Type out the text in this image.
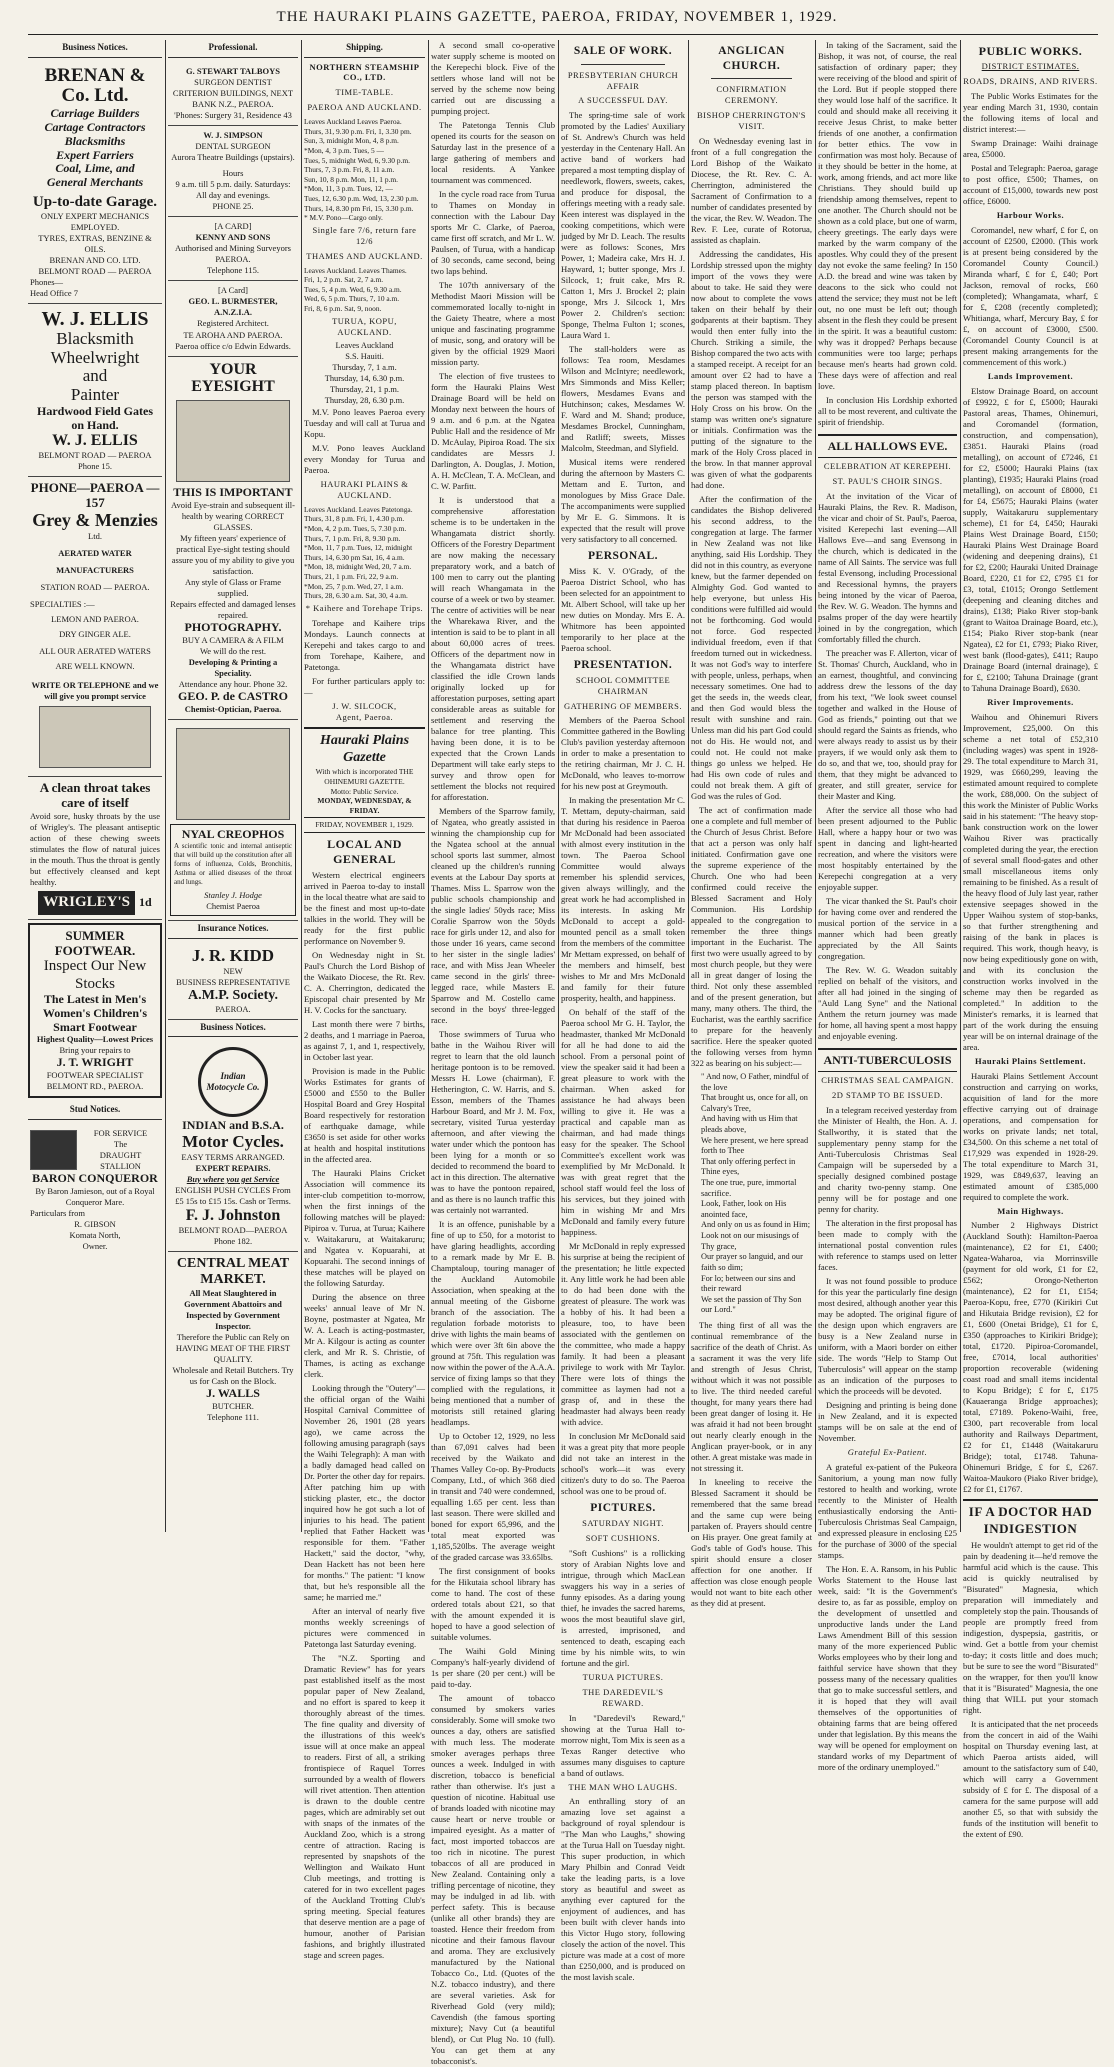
THE HAURAKI PLAINS GAZETTE, PAEROA, FRIDAY, NOVEMBER 1, 1929.
Business Notices.
BRENAN & Co. Ltd.
Carriage Builders
Cartage Contractors
Blacksmiths
Expert Farriers
Coal, Lime, and
General Merchants
Up-to-date Garage.
ONLY EXPERT MECHANICS EMPLOYED.
TYRES, EXTRAS, BENZINE & OILS.
BRENAN AND CO. LTD. BELMONT ROAD — PAEROA
Phones—
Head Office 7
W. J. ELLIS
Blacksmith
Wheelwright
and
Painter
Hardwood Field Gates on Hand.
W. J. ELLIS
BELMONT ROAD — PAEROA
Phone 15.
PHONE—PAEROA — 157
Grey & Menzies
Ltd.
AERATED WATER
MANUFACTURERS
STATION ROAD — PAEROA.
SPECIALTIES :—
LEMON AND PAEROA.
DRY GINGER ALE.
ALL OUR AERATED WATERS
ARE WELL KNOWN.
WRITE OR TELEPHONE and we will give you prompt service
A clean throat takes care of itself
Avoid sore, husky throats by the use of Wrigley's. The pleasant antiseptic action of these chewing sweets stimulates the flow of natural juices in the mouth. Thus the throat is gently but effectively cleansed and kept healthy.
WRIGLEY'S 1d
SUMMER FOOTWEAR.
Inspect Our New Stocks
The Latest in Men's Women's Children's Smart Footwear
Highest Quality—Lowest Prices
Bring your repairs to
J. T. WRIGHT
FOOTWEAR SPECIALIST
BELMONT RD., PAEROA.
Stud Notices.
FOR SERVICE
The
DRAUGHT
STALLION
BARON CONQUEROR
By Baron Jamieson, out of a Royal Conqueror Mare.
Particulars from
R. GIBSON
Komata North,
Owner.
Professional.
G. STEWART TALBOYS
SURGEON DENTIST
CRITERION BUILDINGS, NEXT BANK N.Z., PAEROA.
'Phones: Surgery 31, Residence 43
W. J. SIMPSON
DENTAL SURGEON
Aurora Theatre Buildings (upstairs).
Hours
9 a.m. till 5 p.m. daily. Saturdays: All day and evenings.
PHONE 25.
[A CARD]
KENNY AND SONS
Authorised and Mining Surveyors PAEROA.
Telephone 115.
[A Card]
GEO. L. BURMESTER, A.N.Z.I.A.
Registered Architect.
TE AROHA AND PAEROA.
Paeroa office c/o Edwin Edwards.
YOUR EYESIGHT
THIS IS IMPORTANT
Avoid Eye-strain and subsequent ill-health by wearing CORRECT GLASSES.
My fifteen years' experience of practical Eye-sight testing should assure you of my ability to give you satisfaction.
Any style of Glass or Frame supplied.
Repairs effected and damaged lenses repaired.
PHOTOGRAPHY.
BUY A CAMERA & A FILM
We will do the rest.
Developing & Printing a Speciality.
Attendance any hour. Phone 32.
GEO. P. de CASTRO
Chemist-Optician, Paeroa.
NYAL CREOPHOS
A scientific tonic and internal antiseptic that will build up the constitution after all forms of influenza, Colds, Bronchitis, Asthma or allied diseases of the throat and lungs.
Stanley J. Hodge
Chemist Paeroa
Insurance Notices.
J. R. KIDD
NEW
BUSINESS REPRESENTATIVE
A.M.P. Society.
PAEROA.
Business Notices.
Indian Motocycle Co.
INDIAN and B.S.A.
Motor Cycles.
EASY TERMS ARRANGED.
EXPERT REPAIRS.
Buy where you get Service
ENGLISH PUSH CYCLES From £5 15s to £15 15s. Cash or Terms.
F. J. Johnston
BELMONT ROAD—PAEROA
Phone 182.
CENTRAL MEAT MARKET.
All Meat Slaughtered in Government Abattoirs and Inspected by Government Inspector.
Therefore the Public can Rely on HAVING MEAT OF THE FIRST QUALITY.
Wholesale and Retail Butchers. Try us for Cash on the Block.
J. WALLS
BUTCHER.
Telephone 111.
Shipping.
NORTHERN STEAMSHIP CO., LTD.
TIME-TABLE.
PAEROA AND AUCKLAND.
Leaves Auckland Leaves Paeroa.
Thurs, 31, 9.30 p.m. Fri, 1, 3.30 pm.
Sun, 3, midnight Mon, 4, 8 p.m.
*Mon, 4, 3 p.m. Tues, 5 —
Tues, 5, midnight Wed, 6, 9.30 p.m.
Thurs, 7, 3 p.m. Fri, 8, 11 a.m.
Sun, 10, 8 p.m. Mon, 11, 1 p.m.
*Mon, 11, 3 p.m. Tues, 12, —
Tues, 12, 6.30 p.m. Wed, 13, 2.30 p.m.
Thurs, 14, 8.30 pm Fri, 15, 3.30 p.m.
* M.V. Pono—Cargo only.
Single fare 7/6, return fare 12/6
THAMES AND AUCKLAND.
Leaves Auckland. Leaves Thames.
Fri, 1, 2 p.m. Sat, 2, 7 a.m.
Tues, 5, 4 p.m. Wed, 6, 9.30 a.m.
Wed, 6, 5 p.m. Thurs, 7, 10 a.m.
Fri, 8, 6 p.m. Sat, 9, noon.
TURUA, KOPU, AUCKLAND.
Leaves Auckland
S.S. Hauiti.
Thursday, 7, 1 a.m.
Thursday, 14, 6.30 p.m.
Thursday, 21, 1 p.m.
Thursday, 28, 6.30 p.m.

M.V. Pono leaves Paeroa every Tuesday and will call at Turua and Kopu.

M.V. Pono leaves Auckland every Monday for Turua and Paeroa.

HAURAKI PLAINS & AUCKLAND.
Leaves Auckland. Leaves Patetonga.
Thurs, 31, 8 p.m. Fri, 1, 4.30 p.m.
*Mon, 4, 2 p.m. Tues, 5, 7.30 p.m.
Thurs, 7, 1 p.m. Fri, 8, 9.30 p.m.
*Mon, 11, 7 p.m. Tues, 12, midnight
Thurs, 14, 6.30 pm Sat, 16, 4 a.m.
*Mon, 18, midnight Wed, 20, 7 a.m.
Thurs, 21, 1 p.m. Fri, 22, 9 a.m.
*Mon, 25, 7 p.m. Wed, 27, 1 a.m.
Thurs, 28, 6.30 a.m. Sat, 30, 4 a.m.
* Kaihere and Torehape Trips.

Torehape and Kaihere trips Mondays. Launch connects at Kerepehi and takes cargo to and from Torehape, Kaihere, and Patetonga.

For further particulars apply to:—

J. W. SILCOCK,
Agent, Paeroa.
Hauraki Plains Gazette
With which is incorporated THE OHINEMURI GAZETTE.
Motto: Public Service.
MONDAY, WEDNESDAY, & FRIDAY.
FRIDAY, NOVEMBER 1, 1929.
LOCAL AND GENERAL

Western electrical engineers arrived in Paeroa to-day to install in the local theatre what are said to be the finest and most up-to-date talkies in the world. They will be ready for the first public performance on November 9.

On Wednesday night in St. Paul's Church the Lord Bishop of the Waikato Diocese, the Rt. Rev. C. A. Cherrington, dedicated the Episcopal chair presented by Mr H. V. Cocks for the sanctuary.

Last month there were 7 births, 2 deaths, and 1 marriage in Paeroa, as against 7, 1, and 1, respectively, in October last year.

Provision is made in the Public Works Estimates for grants of £5000 and £550 to the Buller Hospital Board and Grey Hospital Board respectively for restoration of earthquake damage, while £3650 is set aside for other works at health and hospital institutions in the affected area.

The Hauraki Plains Cricket Association will commence its inter-club competition to-morrow, when the first innings of the following matches will be played: Pipiroa v. Turua, at Turua; Kaihere v. Waitakaruru, at Waitakaruru; and Ngatea v. Kopuarahi, at Kopuarahi. The second innings of these matches will be played on the following Saturday.

During the absence on three weeks' annual leave of Mr N. Boyne, postmaster at Ngatea, Mr W. A. Leach is acting-postmaster, Mr A. Kilgour is acting as counter clerk, and Mr R. S. Christie, of Thames, is acting as exchange clerk.

Looking through the "Outery"—the official organ of the Waihi Hospital Carnival Committee of November 26, 1901 (28 years ago), we came across the following amusing paragraph (says the Waihi Telegraph): A man with a badly damaged head called on Dr. Porter the other day for repairs. After patching him up with sticking plaster, etc., the doctor inquired how he got such a lot of injuries to his head. The patient replied that Father Hackett was responsible for them. "Father Hackett," said the doctor, "why, Dean Hackett has not been here for months." The patient: "I know that, but he's responsible all the same; he married me."

After an interval of nearly five months weekly screenings of pictures were commenced in Patetonga last Saturday evening.

The "N.Z. Sporting and Dramatic Review" has for years past established itself as the most popular paper of New Zealand, and no effort is spared to keep it thoroughly abreast of the times. The fine quality and diversity of the illustrations of this week's issue will at once make an appeal to readers. First of all, a striking frontispiece of Raquel Torres surrounded by a wealth of flowers will rivet attention. Then attention is drawn to the double centre pages, which are admirably set out with snaps of the inmates of the Auckland Zoo, which is a strong centre of attraction. Racing is represented by snapshots of the Wellington and Waikato Hunt Club meetings, and trotting is catered for in two excellent pages of the Auckland Trotting Club's spring meeting. Special features that deserve mention are a page of humour, another of Parisian fashions, and brightly illustrated stage and screen pages.

A second small co-operative water supply scheme is mooted on the Kerepechi block. Five of the settlers whose land will not be served by the scheme now being carried out are discussing a pumping project.

The Patetonga Tennis Club opened its courts for the season on Saturday last in the presence of a large gathering of members and local residents. A Yankee tournament was commenced.

In the cycle road race from Turua to Thames on Monday in connection with the Labour Day sports Mr C. Clarke, of Paeroa, came first off scratch, and Mr L. W. Paulsen, of Turua, with a handicap of 30 seconds, came second, being two laps behind.

The 107th anniversary of the Methodist Maori Mission will be commemorated locally to-night in the Gaiety Theatre, where a most unique and fascinating programme of music, song, and oratory will be given by the official 1929 Maori mission party.

The election of five trustees to form the Hauraki Plains West Drainage Board will be held on Monday next between the hours of 9 a.m. and 6 p.m. at the Ngatea Public Hall and the residence of Mr D. McAulay, Pipiroa Road. The six candidates are Messrs J. Darlington, A. Douglas, J. Motion, A. H. McClean, T. A. McClean, and C. W. Parfitt.

It is understood that a comprehensive afforestation scheme is to be undertaken in the Whangamata district shortly. Officers of the Forestry Department are now making the necessary preparatory work, and a batch of 100 men to carry out the planting will reach Whangamata in the course of a week or two by steamer. The centre of activities will be near the Wharekawa River, and the intention is said to be to plant in all about 60,000 acres of trees. Officers of the department now in the Whangamata district have classified the idle Crown lands originally locked up for afforestation purposes, setting apart considerable areas as suitable for settlement and reserving the balance for tree planting. This having been done, it is to be expected that the Crown Lands Department will take early steps to survey and throw open for settlement the blocks not required for afforestation.

Members of the Sparrow family, of Ngatea, who greatly assisted in winning the championship cup for the Ngatea school at the annual school sports last summer, almost cleaned up the children's running events at the Labour Day sports at Thames. Miss L. Sparrow won the public schools championship and the single ladies' 50yds race; Miss Coralie Sparrow won the 50yds race for girls under 12, and also for those under 16 years, came second to her sister in the single ladies' race, and with Miss Jean Wheeler came second in the girls' three-legged race, while Masters E. Sparrow and M. Costello came second in the boys' three-legged race.

Those swimmers of Turua who bathe in the Waihou River will regret to learn that the old launch heritage pontoon is to be removed. Messrs H. Lowe (chairman), F. Hetherington, C. W. Harris, and S. Esson, members of the Thames Harbour Board, and Mr J. M. Fox, secretary, visited Turua yesterday afternoon, and after viewing the water under which the pontoon has been lying for a month or so decided to recommend the board to act in this direction. The alternative was to have the pontoon repaired, and as there is no launch traffic this was certainly not warranted.

It is an offence, punishable by a fine of up to £50, for a motorist to have glaring headlights, according to a remark made by Mr E. B. Champtaloup, touring manager of the Auckland Automobile Association, when speaking at the annual meeting of the Gisborne branch of the association. The regulation forbade motorists to drive with lights the main beams of which were over 3ft 6in above the ground at 75ft. This regulation was now within the power of the A.A.A. service of fixing lamps so that they complied with the regulations, it being mentioned that a number of motorists still retained glaring headlamps.

Up to October 12, 1929, no less than 67,091 calves had been received by the Waikato and Thames Valley Co-op. By-Products Company, Ltd., of which 368 died in transit and 740 were condemned, equalling 1.65 per cent. less than last season. There were skilled and boned for export 65,996, and the total meat exported was 1,185,520lbs. The average weight of the graded carcase was 33.65lbs.

The first consignment of books for the Hikutaia school library has come to hand. The cost of these ordered totals about £21, so that with the amount expended it is hoped to have a good selection of suitable volumes.

The Waihi Gold Mining Company's half-yearly dividend of 1s per share (20 per cent.) will be paid to-day.

The amount of tobacco consumed by smokers varies considerably. Some will smoke two ounces a day, others are satisfied with much less. The moderate smoker averages perhaps three ounces a week. Indulged in with discretion, tobacco is beneficial rather than otherwise. It's just a question of nicotine. Habitual use of brands loaded with nicotine may cause heart or nerve trouble or impaired eyesight. As a matter of fact, most imported tobaccos are too rich in nicotine. The purest tobaccos of all are produced in New Zealand. Containing only a trifling percentage of nicotine, they may be indulged in ad lib. with perfect safety. This is because (unlike all other brands) they are toasted. Hence their freedom from nicotine and their famous flavour and aroma. They are exclusively manufactured by the National Tobacco Co., Ltd. (Quotes of the N.Z. tobacco industry), and there are several varieties. Ask for Riverhead Gold (very mild); Cavendish (the famous sporting mixture); Navy Cut (a beautiful blend), or Cut Plug No. 10 (full). You can get them at any tobacconist's.

SALE OF WORK.
PRESBYTERIAN CHURCH AFFAIR
A SUCCESSFUL DAY.

The spring-time sale of work promoted by the Ladies' Auxiliary of St. Andrew's Church was held yesterday in the Centenary Hall. An active band of workers had prepared a most tempting display of needlework, flowers, sweets, cakes, and produce for disposal, the offerings meeting with a ready sale. Keen interest was displayed in the cooking competitions, which were judged by Mr D. Leach. The results were as follows: Scones, Mrs Power, 1; Madeira cake, Mrs H. J. Hayward, 1; butter sponge, Mrs J. Silcock, 1; fruit cake, Mrs R. Catton 1, Mrs J. Brockel 2; plain sponge, Mrs J. Silcock 1, Mrs Power 2. Children's section: Sponge, Thelma Fulton 1; scones, Laura Ward 1.

The stall-holders were as follows: Tea room, Mesdames Wilson and McIntyre; needlework, Mrs Simmonds and Miss Keller; flowers, Mesdames Evans and Hutchinson; cakes, Mesdames W. F. Ward and M. Shand; produce, Mesdames Brockel, Cunningham, and Ratliff; sweets, Misses Malcolm, Steedman, and Slyfield.

Musical items were rendered during the afternoon by Masters C. Mettam and E. Turton, and monologues by Miss Grace Dale. The accompaniments were supplied by Mr E. G. Simmons. It is expected that the result will prove very satisfactory to all concerned.

PERSONAL.

Miss K. V. O'Grady, of the Paeroa District School, who has been selected for an appointment to Mt. Albert School, will take up her new duties on Monday. Mrs E. A. Whitmore has been appointed temporarily to her place at the Paeroa school.

PRESENTATION.
SCHOOL COMMITTEE CHAIRMAN
GATHERING OF MEMBERS.

Members of the Paeroa School Committee gathered in the Bowling Club's pavilion yesterday afternoon in order to make a presentation to the retiring chairman, Mr J. C. H. McDonald, who leaves to-morrow for his new post at Greymouth.

In making the presentation Mr C. T. Mettam, deputy-chairman, said that during his residence in Paeroa Mr McDonald had been associated with almost every institution in the town. The Paeroa School Committee would always remember his splendid services, given always willingly, and the great work he had accomplished in its interests. In asking Mr McDonald to accept a gold-mounted pencil as a small token from the members of the committee Mr Mettam expressed, on behalf of the members and himself, best wishes to Mr and Mrs McDonald and family for their future prosperity, health, and happiness.

On behalf of the staff of the Paeroa school Mr G. H. Taylor, the headmaster, thanked Mr McDonald for all he had done to aid the school. From a personal point of view the speaker said it had been a great pleasure to work with the chairman. When asked for assistance he had always been willing to give it. He was a practical and capable man as chairman, and had made things easy for the speaker. The School Committee's excellent work was exemplified by Mr McDonald. It was with great regret that the school staff would feel the loss of his services, but they joined with him in wishing Mr and Mrs McDonald and family every future happiness.

Mr McDonald in reply expressed his surprise at being the recipient of the presentation; he little expected it. Any little work he had been able to do had been done with the greatest of pleasure. The work was a hobby of his. It had been a pleasure, too, to have been associated with the gentlemen on the committee, who made a happy family. It had been a pleasant privilege to work with Mr Taylor. There were lots of things the committee as laymen had not a grasp of, and in these the headmaster had always been ready with advice.

In conclusion Mr McDonald said it was a great pity that more people did not take an interest in the school's work—it was every citizen's duty to do so. The Paeroa school was one to be proud of.

PICTURES.
SATURDAY NIGHT.
SOFT CUSHIONS.

"Soft Cushions" is a rollicking story of Arabian Nights love and intrigue, through which MacLean swaggers his way in a series of funny episodes. As a daring young thief, he invades the sacred harems, woos the most beautiful slave girl, is arrested, imprisoned, and sentenced to death, escaping each time by his nimble wits, to win fortune and the girl.

TURUA PICTURES.
THE DAREDEVIL'S REWARD.

In "Daredevil's Reward," showing at the Turua Hall to-morrow night, Tom Mix is seen as a Texas Ranger detective who assumes many disguises to capture a band of outlaws.

THE MAN WHO LAUGHS.

An enthralling story of an amazing love set against a background of royal splendour is "The Man who Laughs," showing at the Turua Hall on Tuesday night. This super production, in which Mary Philbin and Conrad Veidt take the leading parts, is a love story as beautiful and sweet as anything ever captured for the enjoyment of audiences, and has been built with clever hands into this Victor Hugo story, following closely the action of the novel. This picture was made at a cost of more than £250,000, and is produced on the most lavish scale.

ANGLICAN CHURCH.
CONFIRMATION CEREMONY.
BISHOP CHERRINGTON'S VISIT.

On Wednesday evening last in front of a full congregation the Lord Bishop of the Waikato Diocese, the Rt. Rev. C. A. Cherrington, administered the Sacrament of Confirmation to a number of candidates presented by the vicar, the Rev. W. Weadon. The Rev. F. Lee, curate of Rotorua, assisted as chaplain.

Addressing the candidates, His Lordship stressed upon the mighty import of the vows they were about to take. He said they were now about to complete the vows taken on their behalf by their godparents at their baptism. They would then enter fully into the Church. Striking a simile, the Bishop compared the two acts with a stamped receipt. A receipt for an amount over £2 had to have a stamp placed thereon. In baptism the person was stamped with the Holy Cross on his brow. On the stamp was written one's signature or initials. Confirmation was the putting of the signature to the mark of the Holy Cross placed in the brow. In that manner approval was given of what the godparents had done.

After the confirmation of the candidates the Bishop delivered his second address, to the congregation at large. The farmer in New Zealand was not like anything, said His Lordship. They did not in this country, as everyone knew, but the farmer depended on Almighty God. God wanted to help everyone, but unless His conditions were fulfilled aid would not be forthcoming. God would not force. God respected individual freedom, even if that freedom turned out in wickedness. It was not God's way to interfere with people, unless, perhaps, when necessary sometimes. One had to get the seeds in, the weeds clear, and then God would bless the result with sunshine and rain. Unless man did his part God could not do His. He would not, and could not. He could not make things go unless we helped. He had His own code of rules and could not break them. A gift of God was the rules of God.

The act of confirmation made one a complete and full member of the Church of Jesus Christ. Before that act a person was only half initiated. Confirmation gave one the supreme experience of the Church. One who had been confirmed could receive the Blessed Sacrament and Holy Communion. His Lordship appealed to the congregation to remember the three things important in the Eucharist. The first two were usually agreed to by most church people, but they were all in great danger of losing the third. Not only these assembled and of the present generation, but many, many others. The third, the Eucharist, was the earthly sacrifice to prepare for the heavenly sacrifice. Here the speaker quoted the following verses from hymn 322 as bearing on his subject:—

" And now, O Father, mindful of the love
That brought us, once for all, on Calvary's Tree,
And having with us Him that pleads above,
We here present, we here spread forth to Thee
That only offering perfect in Thine eyes,
The one true, pure, immortal sacrifice.
Look, Father, look on His anointed face,
And only on us as found in Him;
Look not on our misusings of Thy grace,
Our prayer so languid, and our faith so dim;
For lo; between our sins and their reward
We set the passion of Thy Son our Lord."

The thing first of all was the continual remembrance of the sacrifice of the death of Christ. As a sacrament it was the very life and strength of Jesus Christ, without which it was not possible to live. The third needed careful thought, for many years there had been great danger of losing it. He was afraid it had not been brought out nearly clearly enough in the Anglican prayer-book, or in any other. A great mistake was made in not stressing it.

In kneeling to receive the Blessed Sacrament it should be remembered that the same bread and the same cup were being partaken of. Prayers should centre on His prayer. One great family at God's table of God's house. This spirit should ensure a closer affection for one another. If affection was close enough people would not want to bite each other as they did at present.

In taking of the Sacrament, said the Bishop, it was not, of course, the real satisfaction of ordinary paper; they were receiving of the blood and spirit of the Lord. But if people stopped there they would lose half of the sacrifice. It could and should make all receiving it receive Jesus Christ, to make better friends of one another, a confirmation for better ethics. The vow in confirmation was most holy. Because of it they should be better in the home, at work, among friends, and act more like Christians. They should build up friendship among themselves, repent to one another. The Church should not be shown as a cold place, but one of warm, cheery greetings. The early days were marked by the warm company of the apostles. Why could they of the present day not evoke the same feeling? In 150 A.D. the bread and wine was taken by deacons to the sick who could not attend the service; they must not be left out, no one must be left out; though absent in the flesh they could be present in the spirit. It was a beautiful custom: why was it dropped? Perhaps because communities were too large; perhaps because men's hearts had grown cold. These days were of affection and real love.

In conclusion His Lordship exhorted all to be most reverent, and cultivate the spirit of friendship.

ALL HALLOWS EVE.
CELEBRATION AT KEREPEHI.
ST. PAUL'S CHOIR SINGS.

At the invitation of the Vicar of Hauraki Plains, the Rev. R. Madison, the vicar and choir of St. Paul's, Paeroa, visited Kerepechi last evening—All Hallows Eve—and sang Evensong in the church, which is dedicated in the name of All Saints. The service was full festal Evensong, including Processional and Recessional hymns, the prayers being intoned by the vicar of Paeroa, the Rev. W. G. Weadon. The hymns and psalms proper of the day were heartily joined in by the congregation, which comfortably filled the church.

The preacher was F. Allerton, vicar of St. Thomas' Church, Auckland, who in an earnest, thoughtful, and convincing address drew the lessons of the day from his text, "We look sweet counsel together and walked in the House of God as friends," pointing out that we should regard the Saints as friends, who were always ready to assist us by their prayers, if we would only ask them to do so, and that we, too, should pray for them, that they might be advanced to greater, and still greater, service for their Master and King.

After the service all those who had been present adjourned to the Public Hall, where a happy hour or two was spent in dancing and light-hearted recreation, and where the visitors were most hospitably entertained by the Kerepechi congregation at a very enjoyable supper.

The vicar thanked the St. Paul's choir for having come over and rendered the musical portion of the service in a manner which had been greatly appreciated by the All Saints congregation.

The Rev. W. G. Weadon suitably replied on behalf of the visitors, and after all had joined in the singing of "Auld Lang Syne" and the National Anthem the return journey was made for home, all having spent a most happy and enjoyable evening.

ANTI-TUBERCULOSIS
CHRISTMAS SEAL CAMPAIGN.
2D STAMP TO BE ISSUED.

In a telegram received yesterday from the Minister of Health, the Hon. A. J. Stallworthy, it is stated that the supplementary penny stamp for the Anti-Tuberculosis Christmas Seal Campaign will be superseded by a specially designed combined postage and charity two-penny stamp. One penny will be for postage and one penny for charity.

The alteration in the first proposal has been made to comply with the international postal convention rules with reference to stamps used on letter faces.

It was not found possible to produce for this year the particularly fine design most desired, although another year this may be adopted. The original figure of the design upon which engravers are busy is a New Zealand nurse in uniform, with a Maori border on either side. The words "Help to Stamp Out Tuberculosis" will appear on the stamp as an indication of the purposes to which the proceeds will be devoted.

Designing and printing is being done in New Zealand, and it is expected stamps will be on sale at the end of November.

Grateful Ex-Patient.

A grateful ex-patient of the Pukeora Sanitorium, a young man now fully restored to health and working, wrote recently to the Minister of Health enthusiastically endorsing the Anti-Tuberculosis Christmas Seal Campaign, and expressed pleasure in enclosing £25 for the purchase of 3000 of the special stamps.

The Hon. E. A. Ransom, in his Public Works Statement to the House last week, said: "It is the Government's desire to, as far as possible, employ on the development of unsettled and unproductive lands under the Land Laws Amendment Bill of this session many of the more experienced Public Works employees who by their long and faithful service have shown that they possess many of the necessary qualities that go to make successful settlers, and it is hoped that they will avail themselves of the opportunities of obtaining farms that are being offered under that legislation. By this means the way will be opened for employment on standard works of my Department of more of the ordinary unemployed."

PUBLIC WORKS.
DISTRICT ESTIMATES.
ROADS, DRAINS, AND RIVERS.

The Public Works Estimates for the year ending March 31, 1930, contain the following items of local and district interest:—

Swamp Drainage: Waihi drainage area, £5000.

Postal and Telegraph: Paeroa, garage to post office, £500; Thames, on account of £15,000, towards new post office, £6000.

Harbour Works.

Coromandel, new wharf, £ for £, on account of £2500, £2000. (This work is at present being considered by the Coromandel County Council.) Miranda wharf, £ for £, £40; Port Jackson, removal of rocks, £60 (completed); Whangamata, wharf, £ for £, £208 (recently completed); Whitianga, wharf, Mercury Bay, £ for £, on account of £3000, £500. (Coromandel County Council is at present making arrangements for the commencement of this work.)

Lands Improvement.

Elstow Drainage Board, on account of £9922, £ for £, £5000; Hauraki Pastoral areas, Thames, Ohinemuri, and Coromandel (formation, construction, and compensation), £3851. Hauraki Plains (road metalling), on account of £7246, £1 for £2, £5000; Hauraki Plains (tax planting), £1935; Hauraki Plains (road metalling), on account of £8000, £1 for £4, £5675; Hauraki Plains (water supply, Waitakaruru supplementary scheme), £1 for £4, £450; Hauraki Plains West Drainage Board, £150; Hauraki Plains West Drainage Board (widening and deepening drains), £1 for £2, £200; Hauraki United Drainage Board, £220, £1 for £2, £795 £1 for £3, total, £1015; Orongo Settlement (deepening and cleaning ditches and drains), £138; Piako River stop-bank (grant to Waitoa Drainage Board, etc.), £154; Piako River stop-bank (near Ngatea), £2 for £1, £793; Piako River, west bank (flood-gates), £411; Raupo Drainage Board (internal drainage), £ for £, £2100; Tahuna Drainage (grant to Tahuna Drainage Board), £630.

River Improvements.

Waihou and Ohinemuri Rivers Improvement, £25,000. On this scheme a net total of £52,310 (including wages) was spent in 1928-29. The total expenditure to March 31, 1929, was £660,299, leaving the estimated amount required to complete the work, £88,000. On the subject of this work the Minister of Public Works said in his statement: "The heavy stop-bank construction work on the lower Waihou River was practically completed during the year, the erection of several small flood-gates and other small miscellaneous items only remaining to be finished. As a result of the heavy flood of July last year, rather extensive seepages showed in the Upper Waihou system of stop-banks, so that further strengthening and raising of the bank in places is required. This work, though heavy, is now being expeditiously gone on with, and with its conclusion the construction works involved in the scheme may then be regarded as completed." In addition to the Minister's remarks, it is learned that part of the work during the ensuing year will be on internal drainage of the area.

Hauraki Plains Settlement.

Hauraki Plains Settlement Account construction and carrying on works, acquisition of land for the more effective carrying out of drainage operations, and compensation for works on private lands; net total, £34,500. On this scheme a net total of £17,929 was expended in 1928-29. The total expenditure to March 31, 1929, was £849,637, leaving an estimated amount of £385,000 required to complete the work.

Main Highways.

Number 2 Highways District (Auckland South): Hamilton-Paeroa (maintenance), £2 for £1, £400; Ngatea-Waharoa, via Morrinsville (payment for old work, £1 for £2, £562; Orongo-Netherton (maintenance), £2 for £1, £154; Paeroa-Kopu, free, £770 (Kirikiri Cut and Hikutaia Bridge revision), £2 for £1, £600 (Onetai Bridge), £1 for £, £350 (approaches to Kirikiri Bridge); total, £1720. Pipiroa-Coromandel, free, £7014, local authorities' proportion recoverable (widening coast road and small items incidental to Kopu Bridge); £ for £, £175 (Kauaeranga Bridge approaches); total, £7189. Pokeno-Waihi, free, £300, part recoverable from local authority and Railways Department, £2 for £1, £1448 (Waitakaruru Bridge); total, £1748. Tahuna-Ohinemuri Bridge, £ for £, £267. Waitoa-Maukoro (Piako River bridge), £2 for £1, £1767.

IF A DOCTOR HAD INDIGESTION

He wouldn't attempt to get rid of the pain by deadening it—he'd remove the harmful acid which is the cause. This acid is quickly neutralised by "Bisurated" Magnesia, which preparation will immediately and completely stop the pain. Thousands of people are promptly freed from indigestion, dyspepsia, gastritis, or wind. Get a bottle from your chemist to-day; it costs little and does much; but be sure to see the word "Bisurated" on the wrapper, for then you'll know that it is "Bisurated" Magnesia, the one thing that WILL put your stomach right.

It is anticipated that the net proceeds from the concert in aid of the Waihi hospital on Thursday evening last, at which Paeroa artists aided, will amount to the satisfactory sum of £40, which will carry a Government subsidy of £ for £. The disposal of a camera for the same purpose will add another £5, so that with subsidy the funds of the institution will benefit to the extent of £90.
